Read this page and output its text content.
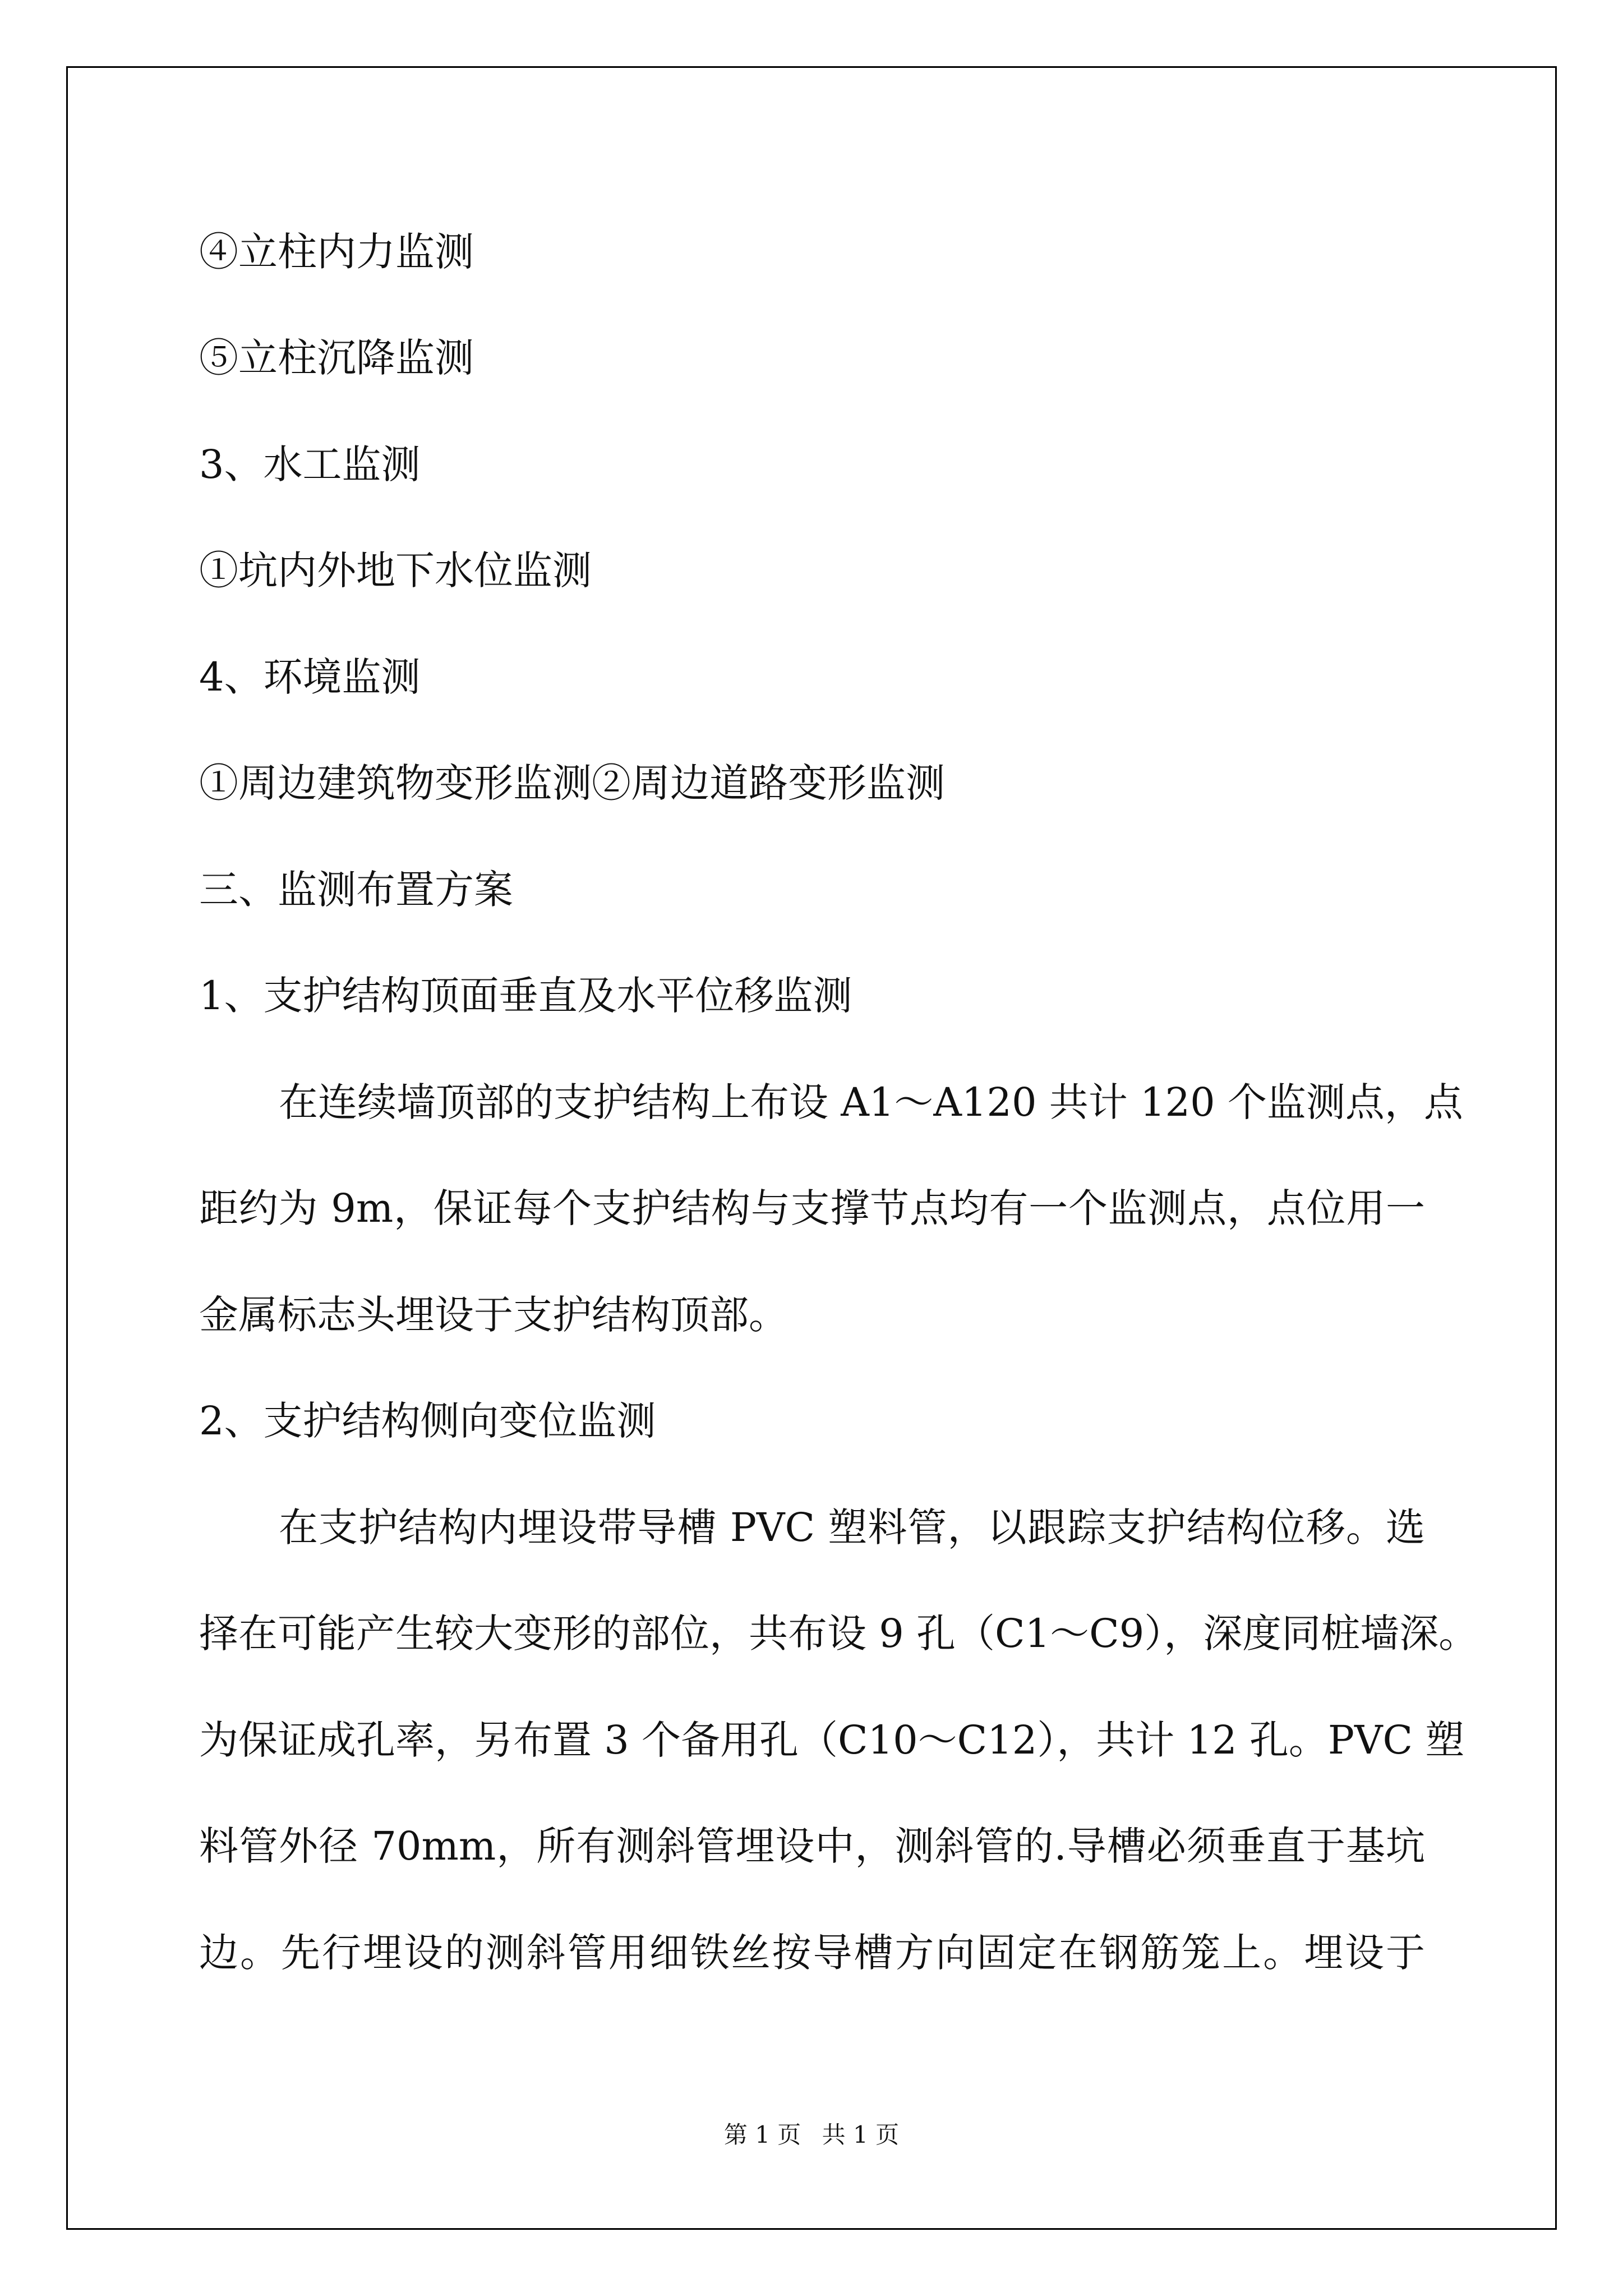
④立柱内力监测
⑤立柱沉降监测
3、水工监测
①坑内外地下水位监测
4、环境监测
①周边建筑物变形监测②周边道路变形监测
三、监测布置方案
1、支护结构顶面垂直及水平位移监测
在连续墙顶部的支护结构上布设 A1～A120 共计 120 个监测点，点
距约为 9m，保证每个支护结构与支撑节点均有一个监测点，点位用一
金属标志头埋设于支护结构顶部。
2、支护结构侧向变位监测
在支护结构内埋设带导槽 PVC 塑料管，以跟踪支护结构位移。选
择在可能产生较大变形的部位，共布设 9 孔（C1～C9），深度同桩墙深。
为保证成孔率，另布置 3 个备用孔（C10～C12），共计 12 孔。PVC 塑
料管外径 70mm，所有测斜管埋设中，测斜管的.导槽必须垂直于基坑
边。先行埋设的测斜管用细铁丝按导槽方向固定在钢筋笼上。埋设于
第 1 页 共 1 页
